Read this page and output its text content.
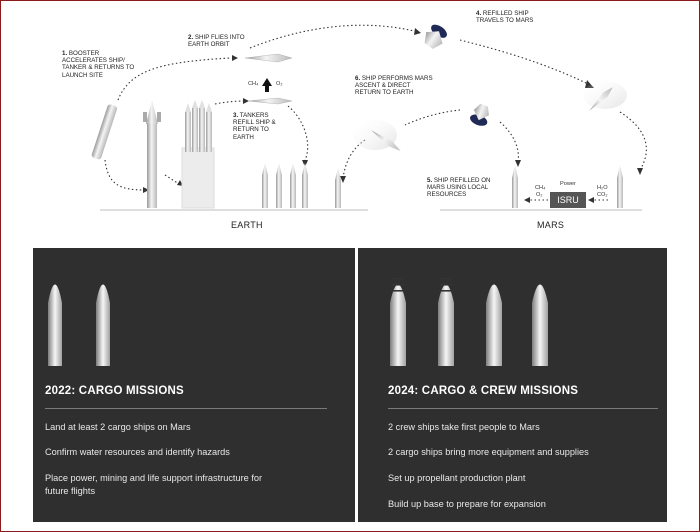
1. BOOSTER
ACCELERATES SHIP/
TANKER & RETURNS TO
LAUNCH SITE
2. SHIP FLIES INTO
EARTH ORBIT
3. TANKERS
REFILL SHIP &
RETURN TO
EARTH
4. REFILLED SHIP
TRAVELS TO MARS
5. SHIP REFILLED ON
MARS USING LOCAL
RESOURCES
6. SHIP PERFORMS MARS
ASCENT & DIRECT
RETURN TO EARTH
CH₄	O₂
ISRU
Power
CH₄
O₂
H₂O
CO₂
EARTH	MARS
2022: CARGO MISSIONS
Land at least 2 cargo ships on Mars
Confirm water resources and identify hazards
Place power, mining and life support infrastructure for
future flights
2024: CARGO & CREW MISSIONS
2 crew ships take first people to Mars
2 cargo ships bring more equipment and supplies
Set up propellant production plant
Build up base to prepare for expansion
